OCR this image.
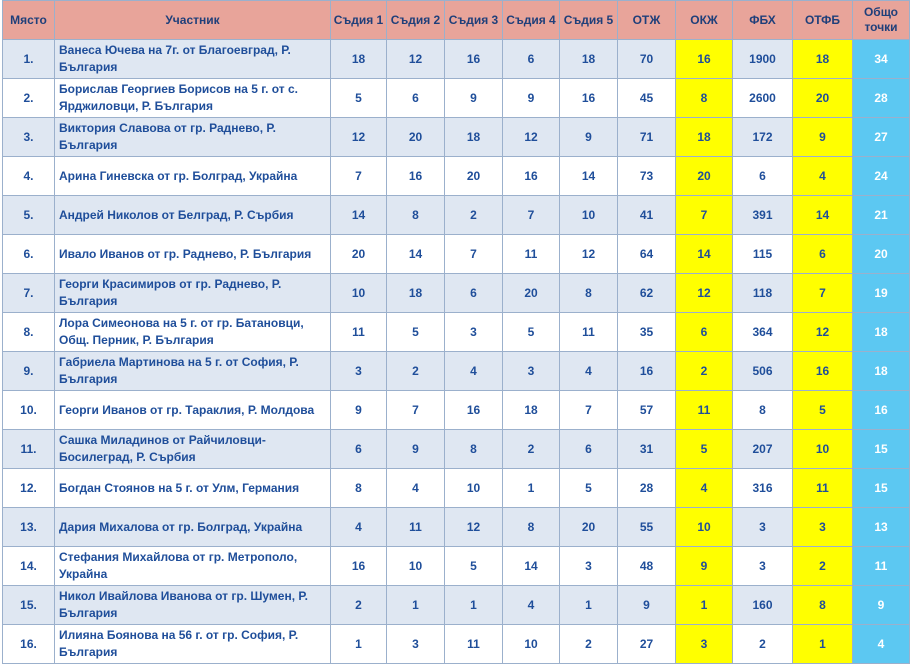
Място	Участник	Съдия 1	Съдия 2	Съдия 3	Съдия 4	Съдия 5	ОТЖ	ОКЖ	ФБХ	ОТФБ	Общо точки
1.	Ванеса Ючева на 7г. от Благоевград, Р. България	18	12	16	6	18	70	16	1900	18	34
2.	Борислав Георгиев Борисов на 5 г. от с. Ярджиловци, Р. България	5	6	9	9	16	45	8	2600	20	28
3.	Виктория Славова от гр. Раднево, Р. България	12	20	18	12	9	71	18	172	9	27
4.	Арина Гиневска от гр. Болград, Украйна	7	16	20	16	14	73	20	6	4	24
5.	Андрей Николов от Белград, Р. Сърбия	14	8	2	7	10	41	7	391	14	21
6.	Ивало Иванов от гр. Раднево, Р. България	20	14	7	11	12	64	14	115	6	20
7.	Георги Красимиров от гр. Раднево, Р. България	10	18	6	20	8	62	12	118	7	19
8.	Лора Симеонова на 5 г. от гр. Батановци, Общ. Перник, Р. България	11	5	3	5	11	35	6	364	12	18
9.	Габриела Мартинова на 5 г. от София, Р. България	3	2	4	3	4	16	2	506	16	18
10.	Георги Иванов от гр. Тараклия, Р. Молдова	9	7	16	18	7	57	11	8	5	16
11.	Сашка Миладинов от Райчиловци-Босилеград, Р. Сърбия	6	9	8	2	6	31	5	207	10	15
12.	Богдан Стоянов на 5 г. от Улм, Германия	8	4	10	1	5	28	4	316	11	15
13.	Дария Михалова от гр. Болград, Украйна	4	11	12	8	20	55	10	3	3	13
14.	Стефания Михайлова от гр. Метрополо, Украйна	16	10	5	14	3	48	9	3	2	11
15.	Никол Ивайлова Иванова от гр. Шумен, Р. България	2	1	1	4	1	9	1	160	8	9
16.	Илияна Боянова на 56 г. от гр. София, Р. България	1	3	11	10	2	27	3	2	1	4
